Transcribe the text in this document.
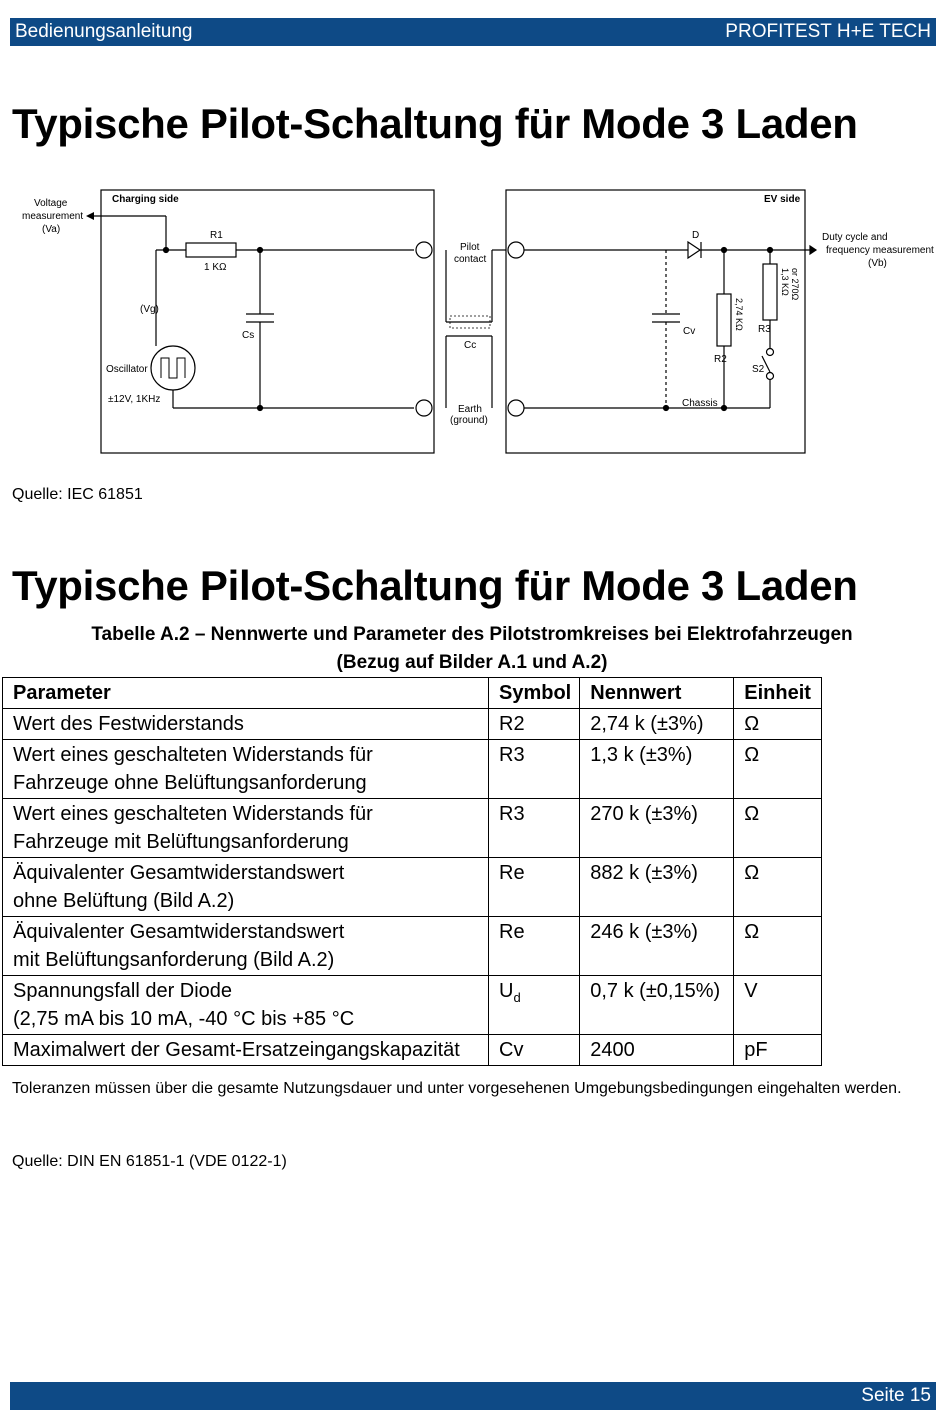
Bedienungsanleitung	PROFITEST H+E TECH
Typische Pilot-Schaltung für Mode 3 Laden
Voltage
measurement
(Va)
Charging side
R1
1 KΩ
(Vg)
Cs
Oscillator
±12V, 1KHz
Pilot
contact
Cc
Earth
(ground)
EV side
D	Duty cycle and
frequency measurement
(Vb)
Cv
R2
R3
S2
Chassis
2,74 KΩ
1,3 KΩ or 270Ω
Quelle: IEC 61851
Typische Pilot-Schaltung für Mode 3 Laden
Tabelle A.2 – Nennwerte und Parameter des Pilotstromkreises bei Elektrofahrzeugen
(Bezug auf Bilder A.1 und A.2)
Parameter	Symbol	Nennwert	Einheit

Wert des Festwiderstands	R2	2,74 k (±3%)	Ω

Wert eines geschalteten Widerstands für
Fahrzeuge ohne Belüftungsanforderung	R3	1,3 k (±3%)	Ω

Wert eines geschalteten Widerstands für
Fahrzeuge mit Belüftungsanforderung	R3	270 k (±3%)	Ω

Äquivalenter Gesamtwiderstandswert
ohne Belüftung (Bild A.2)	Re	882 k (±3%)	Ω

Äquivalenter Gesamtwiderstandswert
mit Belüftungsanforderung (Bild A.2)	Re	246 k (±3%)	Ω

Spannungsfall der Diode
(2,75 mA bis 10 mA, -40 °C bis +85 °C	$U_d$	0,7 k (±0,15%)	V

Maximalwert der Gesamt-Ersatzeingangskapazität	Cv	2400	pF
Toleranzen müssen über die gesamte Nutzungsdauer und unter vorgesehenen Umgebungsbedingungen eingehalten werden.
Quelle: DIN EN 61851-1 (VDE 0122-1)
Seite 15
